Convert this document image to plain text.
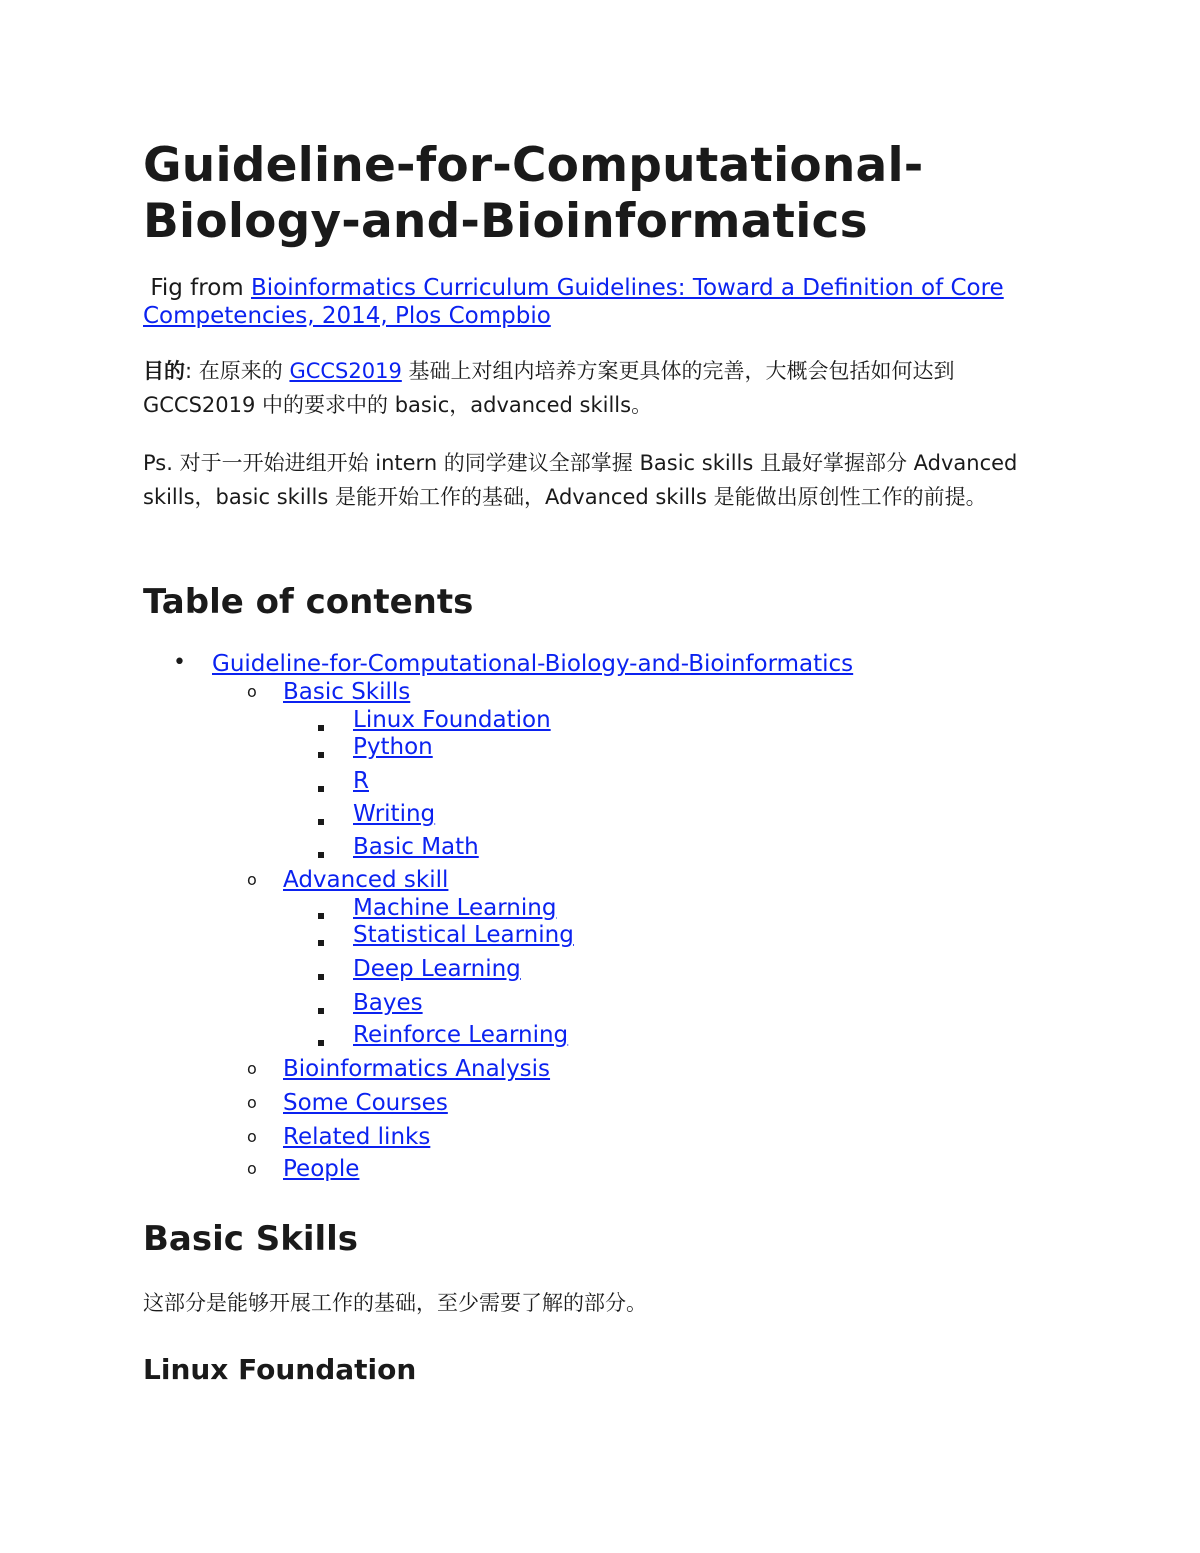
Guideline-for-Computational-
Biology-and-Bioinformatics
Fig from Bioinformatics Curriculum Guidelines: Toward a Definition of Core Competencies, 2014, Plos Compbio
目的: 在原来的 GCCS2019 基础上对组内培养方案更具体的完善，大概会包括如何达到 GCCS2019 中的要求中的 basic，advanced skills。
Ps. 对于一开始进组开始 intern 的同学建议全部掌握 Basic skills 且最好掌握部分 Advanced skills，basic skills 是能开始工作的基础，Advanced skills 是能做出原创性工作的前提。
Table of contents
• Guideline-for-Computational-Biology-and-Bioinformatics
o Basic Skills
Linux Foundation
Python
R
Writing
Basic Math
o Advanced skill
Machine Learning
Statistical Learning
Deep Learning
Bayes
Reinforce Learning
o Bioinformatics Analysis
o Some Courses
o Related links
o People
Basic Skills
这部分是能够开展工作的基础，至少需要了解的部分。
Linux Foundation
